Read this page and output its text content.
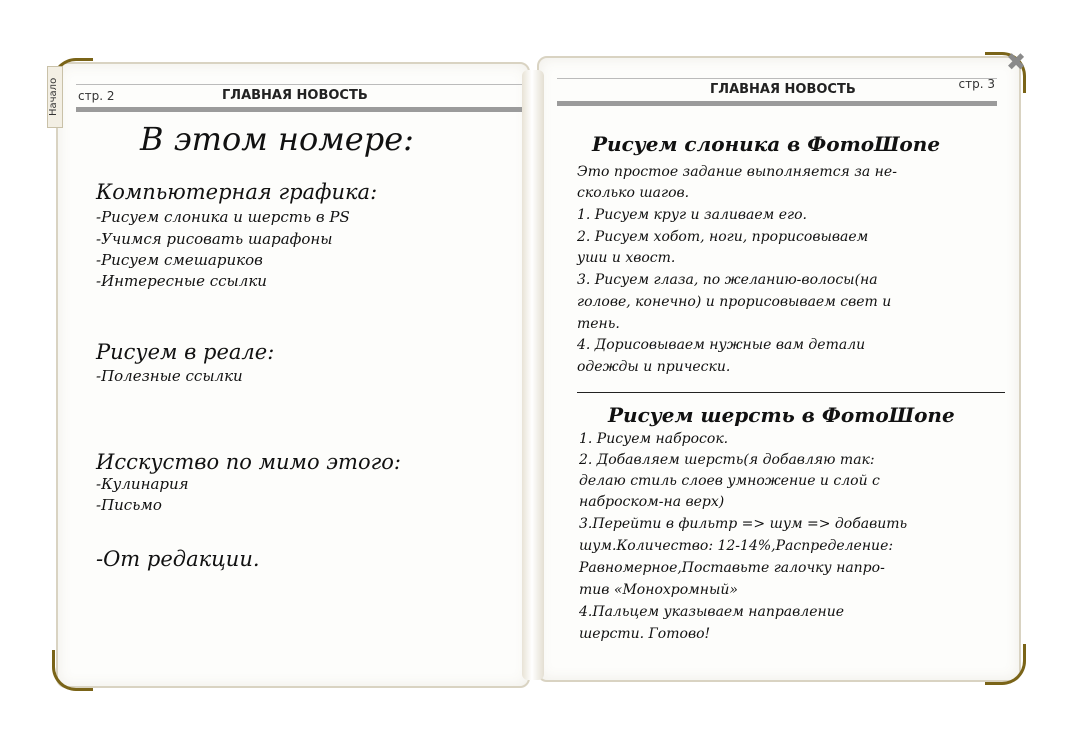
Начало
✖
стр. 2	ГЛАВНАЯ НОВОСТЬ	ГЛАВНАЯ НОВОСТЬ	стр. 3
В этом номере:
Компьютерная графика:
-Рисуем слоника и шерсть в PS
-Учимся рисовать шарафоны
-Рисуем смешариков
-Интересные ссылки
Рисуем в реале:
-Полезные ссылки
Исскуство по мимо этого:
-Кулинария
-Письмо
-От редакции.
Рисуем слоника в ФотоШопе
Это простое задание выполняется за не-
сколько шагов.
1. Рисуем круг и заливаем его.
2. Рисуем хобот, ноги, прорисовываем
уши и хвост.
3. Рисуем глаза, по желанию-волосы(на
голове, конечно) и прорисовываем свет и
тень.
4. Дорисовываем нужные вам детали
одежды и прически.
Рисуем шерсть в ФотоШопе
1. Рисуем набросок.
2. Добавляем шерсть(я добавляю так:
делаю стиль слоев умножение и слой с
наброском-на верх)
3.Перейти в фильтр => шум => добавить
шум.Количество: 12-14%,Распределение:
Равномерное,Поставьте галочку напро-
тив «Монохромный»
4.Пальцем указываем направление
шерсти. Готово!
